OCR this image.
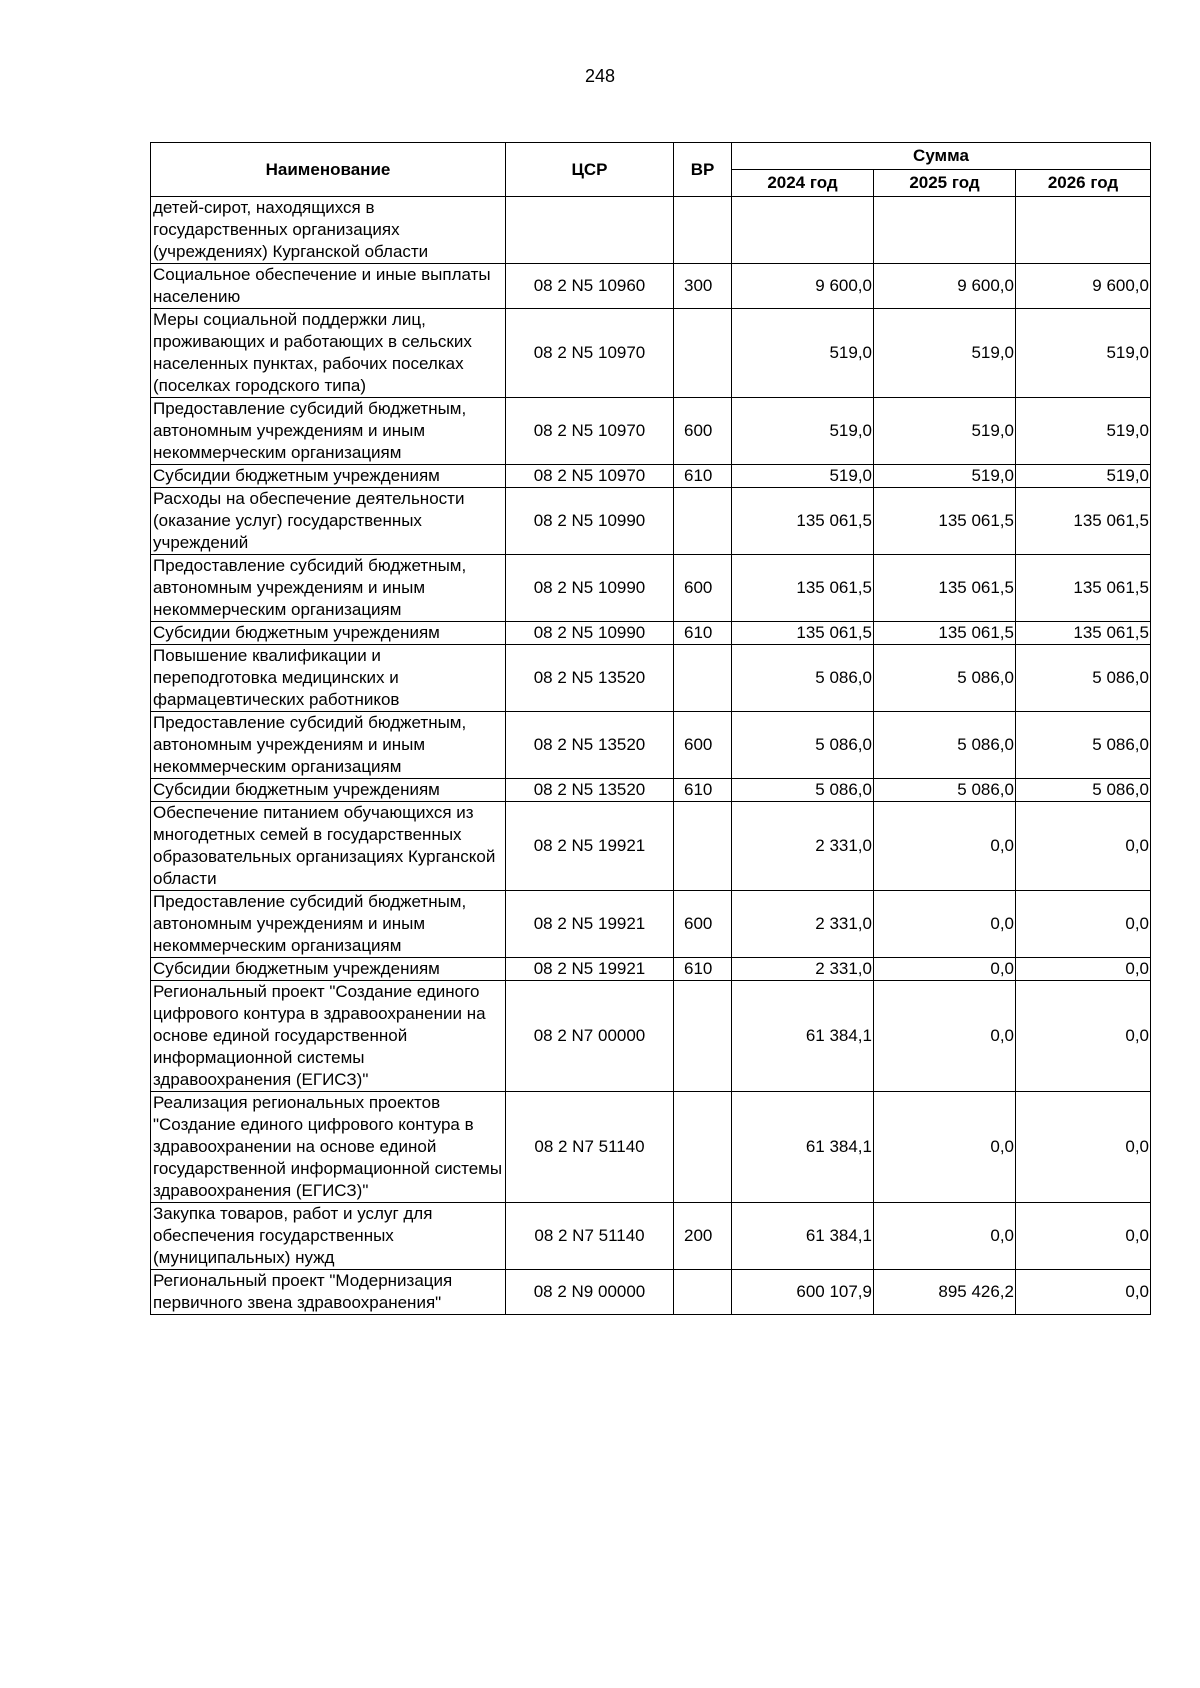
248
Наименование	ЦСР	ВР	Сумма		
			2024 год	2025 год	2026 год
детей-сирот, находящихся в государственных организациях (учреждениях) Курганской области					
Социальное обеспечение и иные выплаты населению	08 2 N5 10960	300	9 600,0	9 600,0	9 600,0
Меры социальной поддержки лиц, проживающих и работающих в сельских населенных пунктах, рабочих поселках (поселках городского типа)	08 2 N5 10970		519,0	519,0	519,0
Предоставление субсидий бюджетным, автономным учреждениям и иным некоммерческим организациям	08 2 N5 10970	600	519,0	519,0	519,0
Субсидии бюджетным учреждениям	08 2 N5 10970	610	519,0	519,0	519,0
Расходы на обеспечение деятельности (оказание услуг) государственных учреждений	08 2 N5 10990		135 061,5	135 061,5	135 061,5
Предоставление субсидий бюджетным, автономным учреждениям и иным некоммерческим организациям	08 2 N5 10990	600	135 061,5	135 061,5	135 061,5
Субсидии бюджетным учреждениям	08 2 N5 10990	610	135 061,5	135 061,5	135 061,5
Повышение квалификации и переподготовка медицинских и фармацевтических работников	08 2 N5 13520		5 086,0	5 086,0	5 086,0
Предоставление субсидий бюджетным, автономным учреждениям и иным некоммерческим организациям	08 2 N5 13520	600	5 086,0	5 086,0	5 086,0
Субсидии бюджетным учреждениям	08 2 N5 13520	610	5 086,0	5 086,0	5 086,0
Обеспечение питанием обучающихся из многодетных семей в государственных образовательных организациях Курганской области	08 2 N5 19921		2 331,0	0,0	0,0
Предоставление субсидий бюджетным, автономным учреждениям и иным некоммерческим организациям	08 2 N5 19921	600	2 331,0	0,0	0,0
Субсидии бюджетным учреждениям	08 2 N5 19921	610	2 331,0	0,0	0,0
Региональный проект "Создание единого цифрового контура в здравоохранении на основе единой государственной информационной системы здравоохранения (ЕГИСЗ)"	08 2 N7 00000		61 384,1	0,0	0,0
Реализация региональных проектов "Создание единого цифрового контура в здравоохранении на основе единой государственной информационной системы здравоохранения (ЕГИСЗ)"	08 2 N7 51140		61 384,1	0,0	0,0
Закупка товаров, работ и услуг для обеспечения государственных (муниципальных) нужд	08 2 N7 51140	200	61 384,1	0,0	0,0
Региональный проект "Модернизация первичного звена здравоохранения"	08 2 N9 00000		600 107,9	895 426,2	0,0
